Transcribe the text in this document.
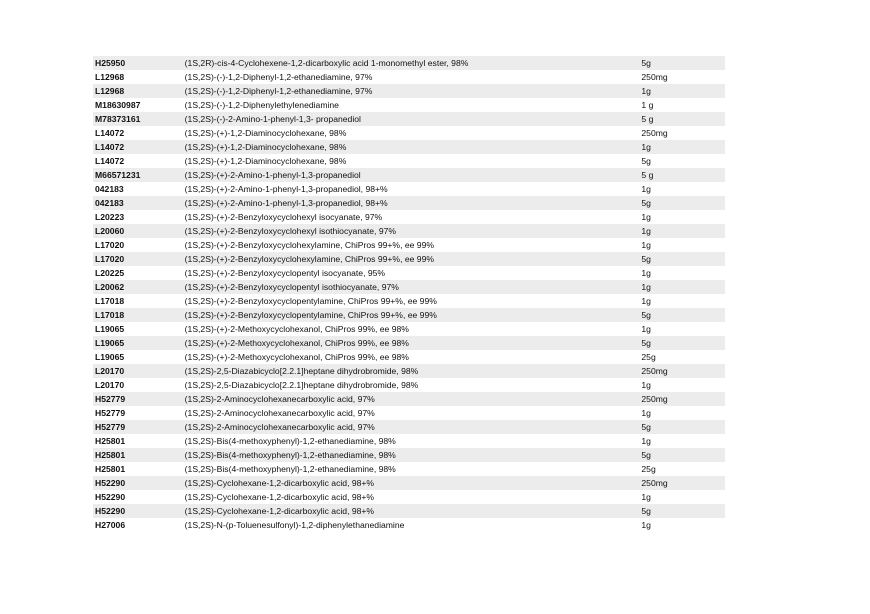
H25950	(1S,2R)-cis-4-Cyclohexene-1,2-dicarboxylic acid 1-monomethyl ester, 98%	5g
L12968	(1S,2S)-(-)-1,2-Diphenyl-1,2-ethanediamine, 97%	250mg
L12968	(1S,2S)-(-)-1,2-Diphenyl-1,2-ethanediamine, 97%	1g
M18630987	(1S,2S)-(-)-1,2-Diphenylethylenediamine	1 g
M78373161	(1S,2S)-(-)-2-Amino-1-phenyl-1,3- propanediol	5 g
L14072	(1S,2S)-(+)-1,2-Diaminocyclohexane, 98%	250mg
L14072	(1S,2S)-(+)-1,2-Diaminocyclohexane, 98%	1g
L14072	(1S,2S)-(+)-1,2-Diaminocyclohexane, 98%	5g
M66571231	(1S,2S)-(+)-2-Amino-1-phenyl-1,3-propanediol	5 g
042183	(1S,2S)-(+)-2-Amino-1-phenyl-1,3-propanediol, 98+%	1g
042183	(1S,2S)-(+)-2-Amino-1-phenyl-1,3-propanediol, 98+%	5g
L20223	(1S,2S)-(+)-2-Benzyloxycyclohexyl isocyanate, 97%	1g
L20060	(1S,2S)-(+)-2-Benzyloxycyclohexyl isothiocyanate, 97%	1g
L17020	(1S,2S)-(+)-2-Benzyloxycyclohexylamine, ChiPros 99+%, ee 99%	1g
L17020	(1S,2S)-(+)-2-Benzyloxycyclohexylamine, ChiPros 99+%, ee 99%	5g
L20225	(1S,2S)-(+)-2-Benzyloxycyclopentyl isocyanate, 95%	1g
L20062	(1S,2S)-(+)-2-Benzyloxycyclopentyl isothiocyanate, 97%	1g
L17018	(1S,2S)-(+)-2-Benzyloxycyclopentylamine, ChiPros 99+%, ee 99%	1g
L17018	(1S,2S)-(+)-2-Benzyloxycyclopentylamine, ChiPros 99+%, ee 99%	5g
L19065	(1S,2S)-(+)-2-Methoxycyclohexanol, ChiPros 99%, ee 98%	1g
L19065	(1S,2S)-(+)-2-Methoxycyclohexanol, ChiPros 99%, ee 98%	5g
L19065	(1S,2S)-(+)-2-Methoxycyclohexanol, ChiPros 99%, ee 98%	25g
L20170	(1S,2S)-2,5-Diazabicyclo[2.2.1]heptane dihydrobromide, 98%	250mg
L20170	(1S,2S)-2,5-Diazabicyclo[2.2.1]heptane dihydrobromide, 98%	1g
H52779	(1S,2S)-2-Aminocyclohexanecarboxylic acid, 97%	250mg
H52779	(1S,2S)-2-Aminocyclohexanecarboxylic acid, 97%	1g
H52779	(1S,2S)-2-Aminocyclohexanecarboxylic acid, 97%	5g
H25801	(1S,2S)-Bis(4-methoxyphenyl)-1,2-ethanediamine, 98%	1g
H25801	(1S,2S)-Bis(4-methoxyphenyl)-1,2-ethanediamine, 98%	5g
H25801	(1S,2S)-Bis(4-methoxyphenyl)-1,2-ethanediamine, 98%	25g
H52290	(1S,2S)-Cyclohexane-1,2-dicarboxylic acid, 98+%	250mg
H52290	(1S,2S)-Cyclohexane-1,2-dicarboxylic acid, 98+%	1g
H52290	(1S,2S)-Cyclohexane-1,2-dicarboxylic acid, 98+%	5g
H27006	(1S,2S)-N-(p-Toluenesulfonyl)-1,2-diphenylethanediamine	1g
